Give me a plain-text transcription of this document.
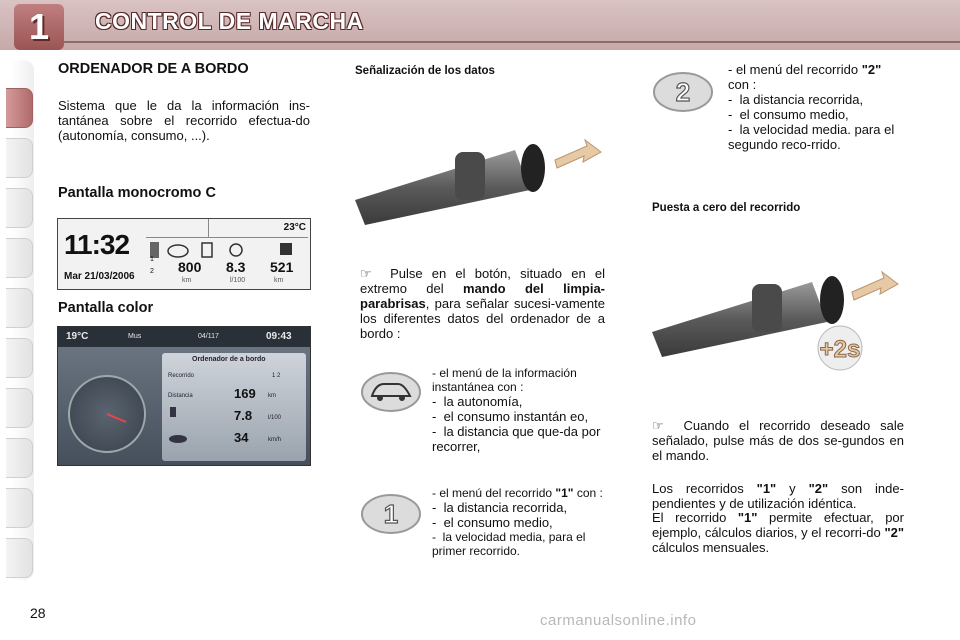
1	CONTROL DE MARCHA
ORDENADOR DE A BORDO
Sistema que le da la información ins-tantánea sobre el recorrido efectua-do (autonomía, consumo, ...).
Pantalla monocromo C
11:32
Mar 21/03/2006
23°C
1
2 800 8.3 521
km	l/100	km
Pantalla color
19°C	Mus	04/117	09:43
Ordenador de a bordo
Recorrido	1 2
Distancia	169 km
7.8	l/100
34	km/h
Señalización de los datos
☞ Pulse en el botón, situado en el extremo del mando del limpia-parabrisas, para señalar sucesi-vamente los diferentes datos del ordenador de a bordo :
- el menú de la información instantánea con :
-  la autonomía,
-  el consumo instantán eo,
-  la distancia que que-da por recorrer,
1
- el menú del recorrido "1" con :
-  la distancia recorrida,
-  el consumo medio,
-  la velocidad media, para el primer recorrido.
2
- el menú del recorrido "2" con :
-  la distancia recorrida,
-  el consumo medio,
-  la velocidad media. para el segundo reco-rrido.
Puesta a cero del recorrido
+2s
☞ Cuando el recorrido deseado sale señalado, pulse más de dos se-gundos en el mando.
Los recorridos "1" y "2" son inde-pendientes y de utilización idéntica.
El recorrido "1" permite efectuar, por ejemplo, cálculos diarios, y el recorri-do "2" cálculos mensuales.
28	carmanualsonline.info
